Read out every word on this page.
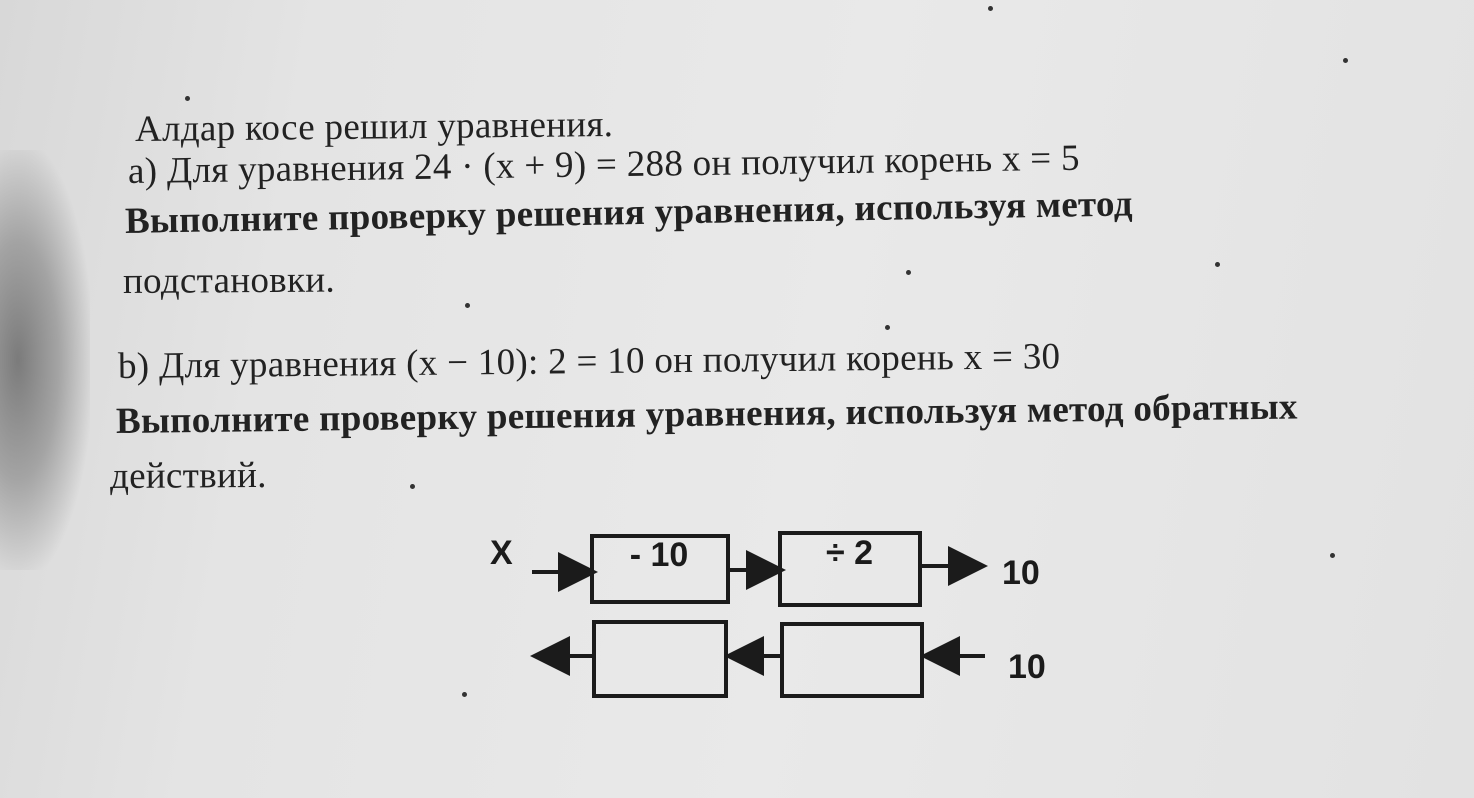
Алдар косе решил уравнения.
а) Для уравнения 24 · (x + 9) = 288 он получил корень x = 5
Выполните проверку решения уравнения, используя метод
подстановки.
b) Для уравнения (x − 10): 2 = 10 он получил корень x = 30
Выполните проверку решения уравнения, используя метод обратных
действий.
X	- 10	÷ 2
10
10
